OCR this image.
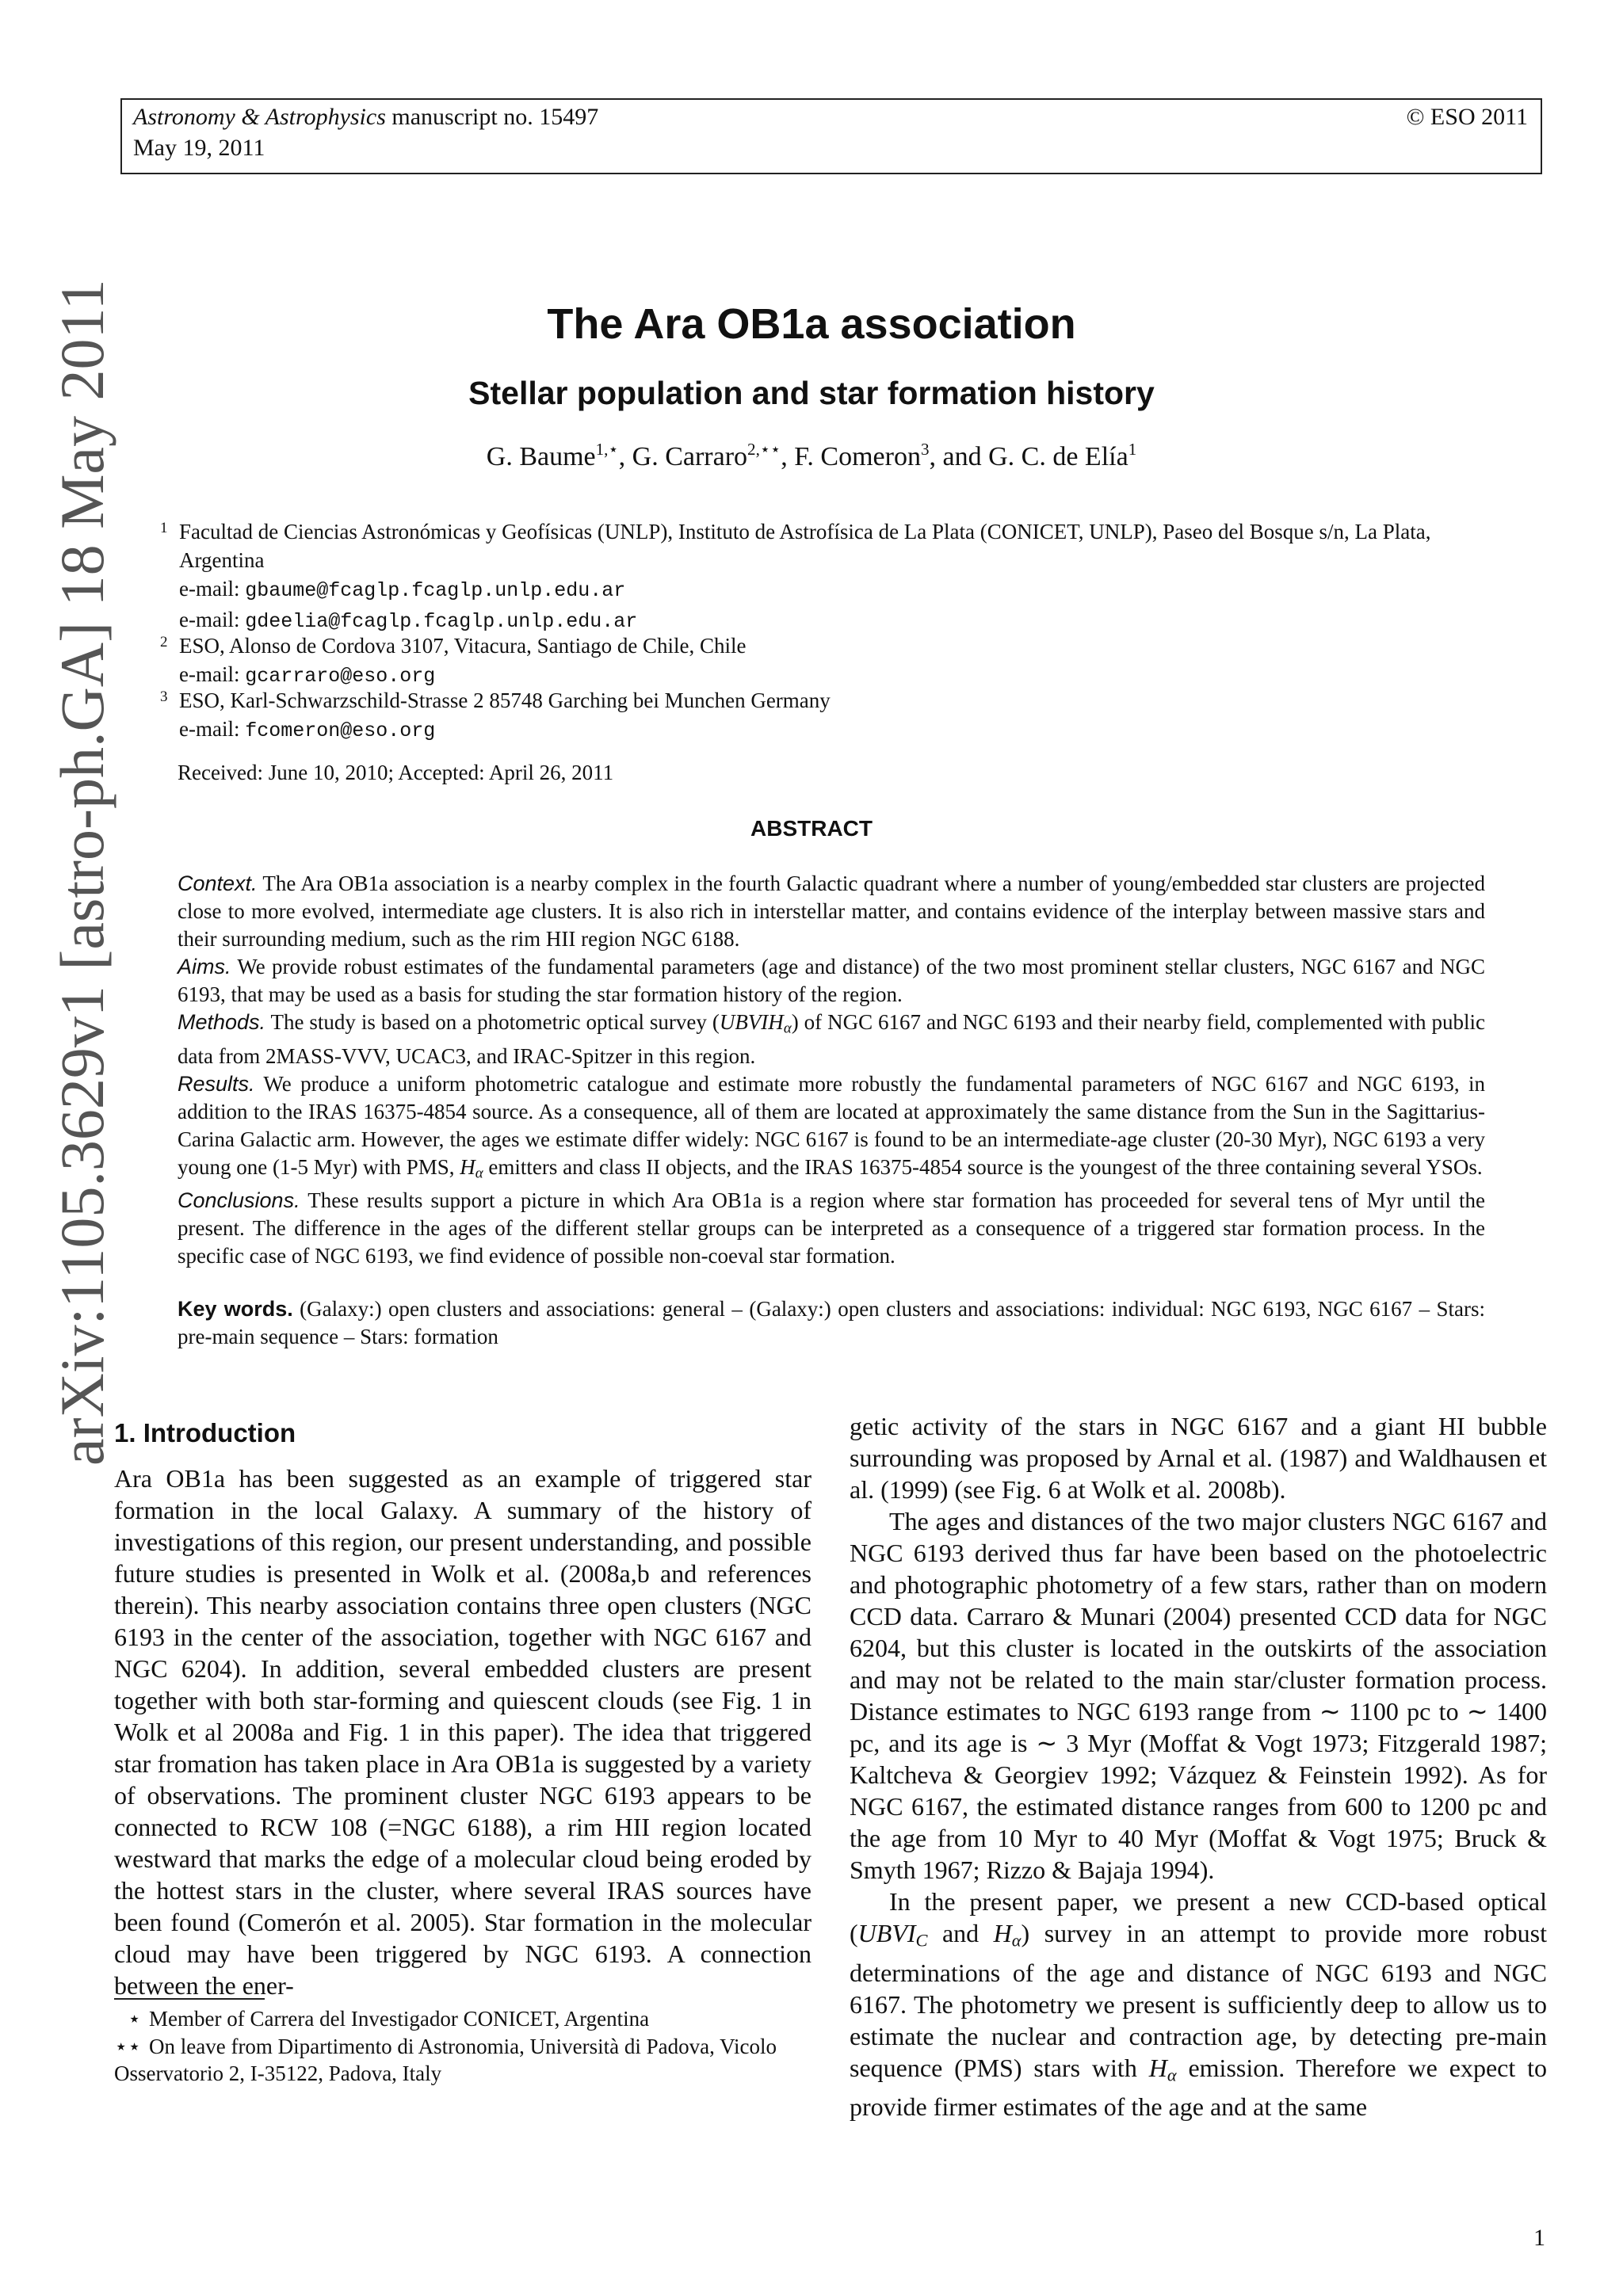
Astronomy & Astrophysics manuscript no. 15497
May 19, 2011
© ESO 2011
arXiv:1105.3629v1 [astro-ph.GA] 18 May 2011	The Ara OB1a association
Stellar population and star formation history
G. Baume$^{1,⋆}$, G. Carraro$^{2,⋆⋆}$, F. Comeron$^3$, and G. C. de Elía$^1$
1 Facultad de Ciencias Astronómicas y Geofísicas (UNLP), Instituto de Astrofísica de La Plata (CONICET, UNLP), Paseo del Bosque s/n, La Plata, Argentina
e-mail: gbaume@fcaglp.fcaglp.unlp.edu.ar
e-mail: gdeelia@fcaglp.fcaglp.unlp.edu.ar
2 ESO, Alonso de Cordova 3107, Vitacura, Santiago de Chile, Chile
e-mail: gcarraro@eso.org
3 ESO, Karl-Schwarzschild-Strasse 2 85748 Garching bei Munchen Germany
e-mail: fcomeron@eso.org
Received: June 10, 2010; Accepted: April 26, 2011
ABSTRACT
Context. The Ara OB1a association is a nearby complex in the fourth Galactic quadrant where a number of young/embedded star clusters are projected close to more evolved, intermediate age clusters. It is also rich in interstellar matter, and contains evidence of the interplay between massive stars and their surrounding medium, such as the rim HII region NGC 6188.
Aims. We provide robust estimates of the fundamental parameters (age and distance) of the two most prominent stellar clusters, NGC 6167 and NGC 6193, that may be used as a basis for studing the star formation history of the region.
Methods. The study is based on a photometric optical survey $(UBVIH_\alpha)$ of NGC 6167 and NGC 6193 and their nearby field, complemented with public data from 2MASS-VVV, UCAC3, and IRAC-Spitzer in this region.
Results. We produce a uniform photometric catalogue and estimate more robustly the fundamental parameters of NGC 6167 and NGC 6193, in addition to the IRAS 16375-4854 source. As a consequence, all of them are located at approximately the same distance from the Sun in the Sagittarius-Carina Galactic arm. However, the ages we estimate differ widely: NGC 6167 is found to be an intermediate-age cluster (20-30 Myr), NGC 6193 a very young one (1-5 Myr) with PMS, $H_\alpha$ emitters and class II objects, and the IRAS 16375-4854 source is the youngest of the three containing several YSOs.
Conclusions. These results support a picture in which Ara OB1a is a region where star formation has proceeded for several tens of Myr until the present. The difference in the ages of the different stellar groups can be interpreted as a consequence of a triggered star formation process. In the specific case of NGC 6193, we find evidence of possible non-coeval star formation.
Key words. (Galaxy:) open clusters and associations: general – (Galaxy:) open clusters and associations: individual: NGC 6193, NGC 6167 – Stars: pre-main sequence – Stars: formation
1. Introduction

Ara OB1a has been suggested as an example of triggered star formation in the local Galaxy. A summary of the history of investigations of this region, our present understanding, and possible future studies is presented in Wolk et al. (2008a,b and references therein). This nearby association contains three open clusters (NGC 6193 in the center of the association, together with NGC 6167 and NGC 6204). In addition, several embedded clusters are present together with both star-forming and quiescent clouds (see Fig. 1 in Wolk et al 2008a and Fig. 1 in this paper). The idea that triggered star fromation has taken place in Ara OB1a is suggested by a variety of observations. The prominent cluster NGC 6193 appears to be connected to RCW 108 (=NGC 6188), a rim HII region located westward that marks the edge of a molecular cloud being eroded by the hottest stars in the cluster, where several IRAS sources have been found (Comerón et al. 2005). Star formation in the molecular cloud may have been triggered by NGC 6193. A connection between the ener-

getic activity of the stars in NGC 6167 and a giant HI bubble surrounding was proposed by Arnal et al. (1987) and Waldhausen et al. (1999) (see Fig. 6 at Wolk et al. 2008b).

The ages and distances of the two major clusters NGC 6167 and NGC 6193 derived thus far have been based on the photoelectric and photographic photometry of a few stars, rather than on modern CCD data. Carraro & Munari (2004) presented CCD data for NGC 6204, but this cluster is located in the outskirts of the association and may not be related to the main star/cluster formation process. Distance estimates to NGC 6193 range from ∼ 1100 pc to ∼ 1400 pc, and its age is ∼ 3 Myr (Moffat & Vogt 1973; Fitzgerald 1987; Kaltcheva & Georgiev 1992; Vázquez & Feinstein 1992). As for NGC 6167, the estimated distance ranges from 600 to 1200 pc and the age from 10 Myr to 40 Myr (Moffat & Vogt 1975; Bruck & Smyth 1967; Rizzo & Bajaja 1994).

In the present paper, we present a new CCD-based optical ($UBVI_C$ and $H_\alpha$) survey in an attempt to provide more robust determinations of the age and distance of NGC 6193 and NGC 6167. The photometry we present is sufficiently deep to allow us to estimate the nuclear and contraction age, by detecting pre-main sequence (PMS) stars with $H_\alpha$ emission. Therefore we expect to provide firmer estimates of the age and at the same

⋆ Member of Carrera del Investigador CONICET, Argentina
⋆⋆ On leave from Dipartimento di Astronomia, Università di Padova, Vicolo Osservatorio 2, I-35122, Padova, Italy
1
